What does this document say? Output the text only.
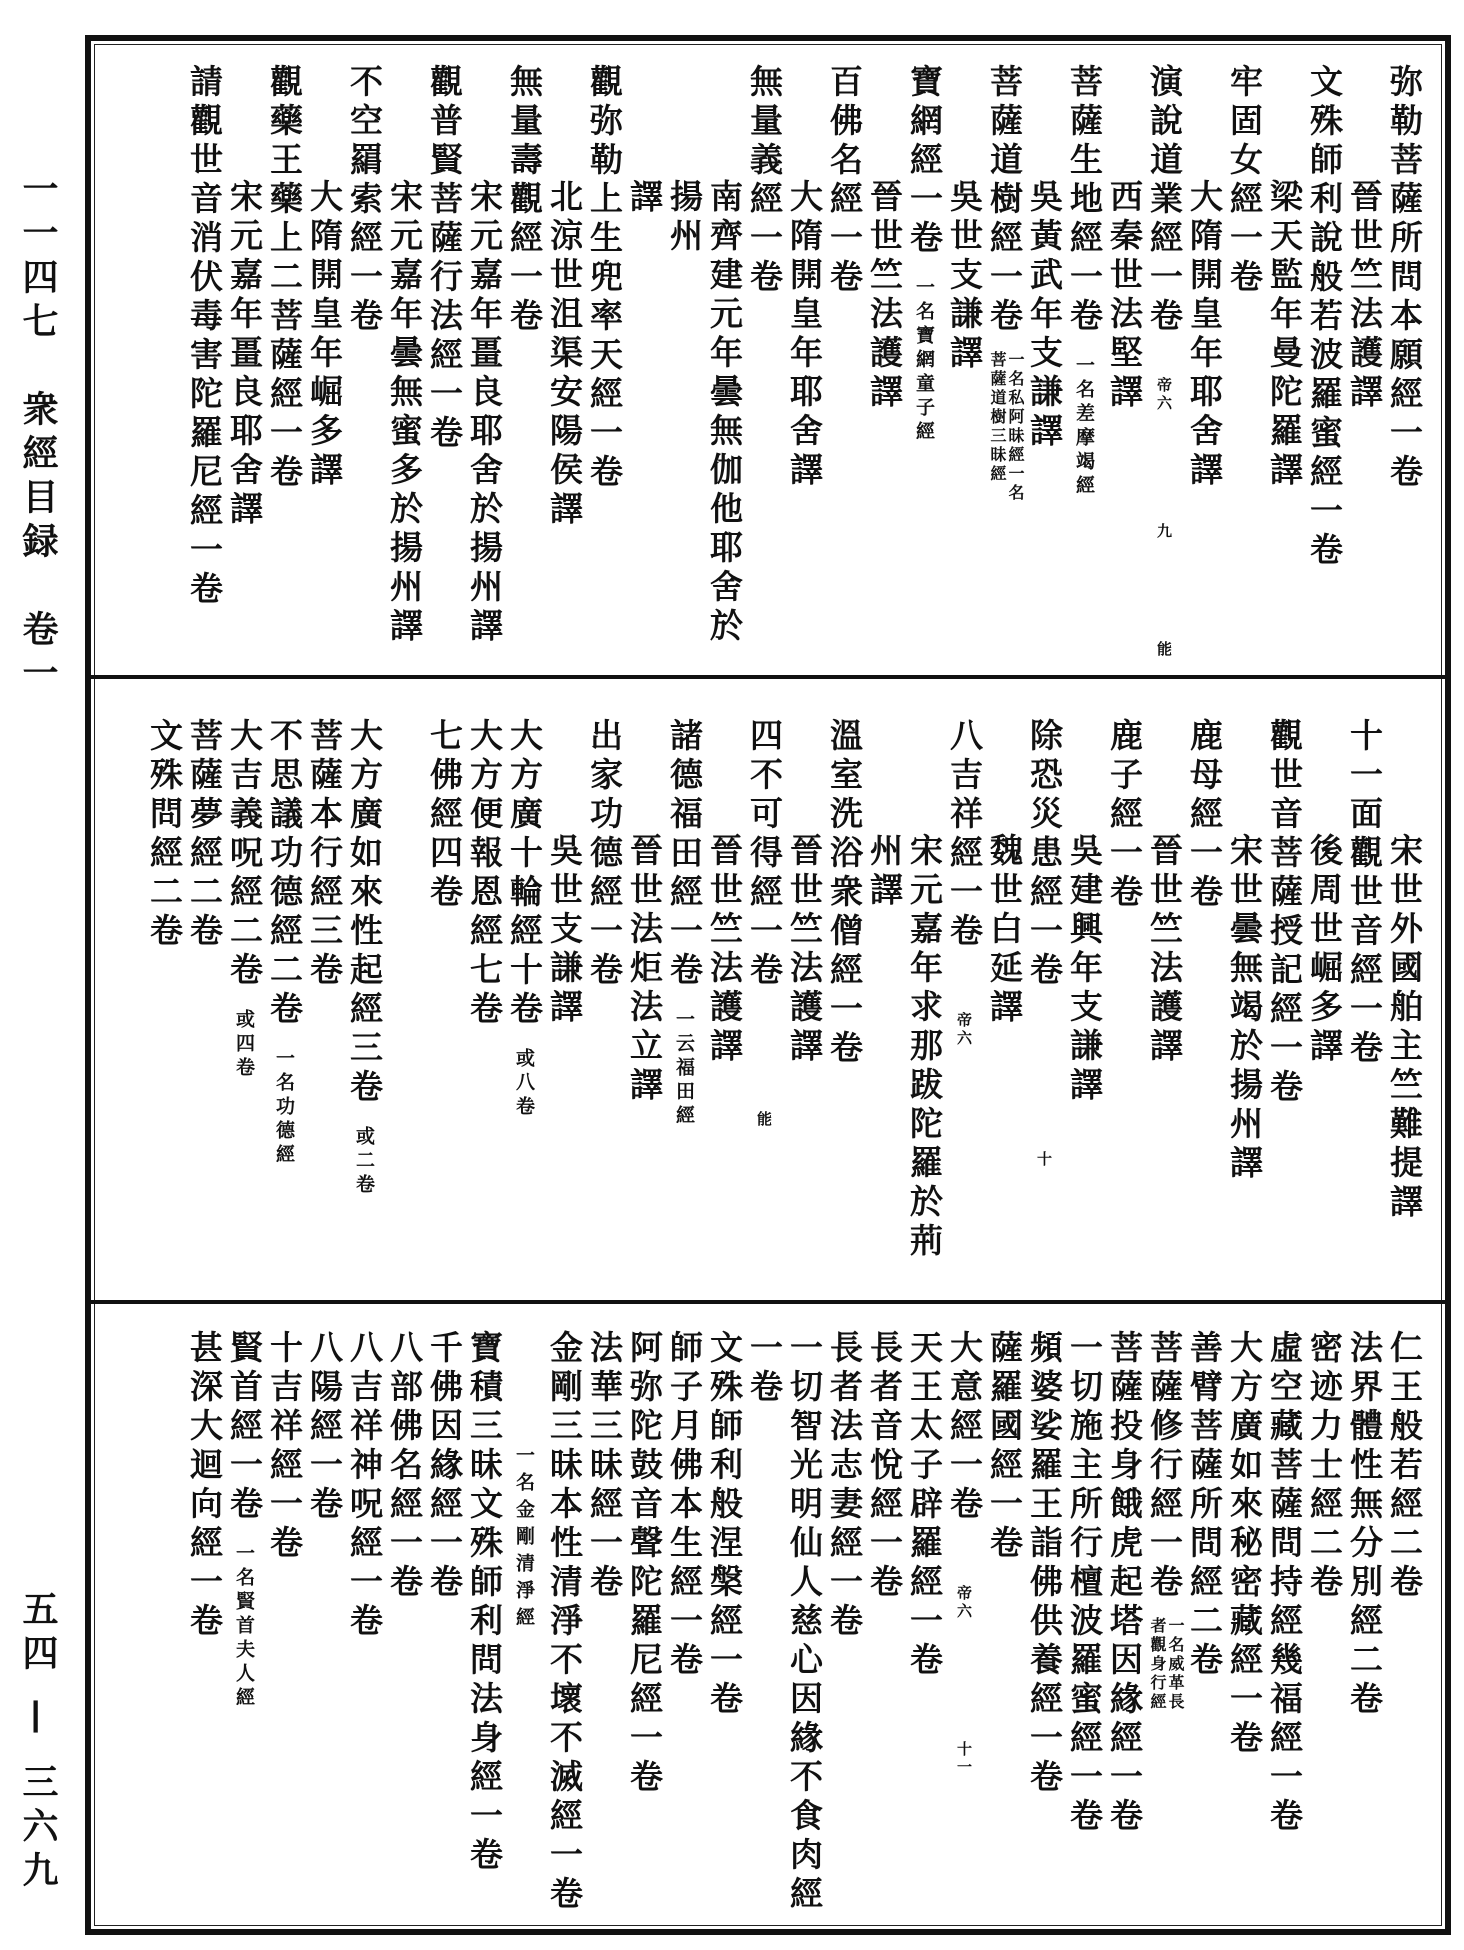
一一四七　衆經目録　卷一
五四 — 三六九
弥勒菩薩所問本願經一卷
晉世竺法護譯
文殊師利說般若波羅蜜經一卷
梁天監年曼陀羅譯
牢固女經一卷
大隋開皇年耶舍譯
演說道業經一卷帝六九能
西秦世法堅譯
菩薩生地經一卷一名差摩竭經
吳黃武年支謙譯
菩薩道樹經一卷一名私阿昧經一名菩薩道樹三昧經
吳世支謙譯
寶網經一卷一名寶網童子經
晉世竺法護譯
百佛名經一卷
大隋開皇年耶舍譯
無量義經一卷
南齊建元年曇無伽他耶舍於揚州
譯
觀弥勒上生兜率天經一卷
北涼世沮渠安陽侯譯
無量壽觀經一卷
宋元嘉年畺良耶舍於揚州譯
觀普賢菩薩行法經一卷
宋元嘉年曇無蜜多於揚州譯
不空羂索經一卷
大隋開皇年崛多譯
觀藥王藥上二菩薩經一卷
宋元嘉年畺良耶舍譯
請觀世音消伏毒害陀羅尼經一卷
宋世外國舶主竺難提譯
十一面觀世音經一卷
後周世崛多譯
觀世音菩薩授記經一卷
宋世曇無竭於揚州譯
鹿母經一卷
晉世竺法護譯
鹿子經一卷
吳建興年支謙譯
除恐災患經一卷十
魏世白延譯
八吉祥經一卷帝六
宋元嘉年求那跋陀羅於荊州譯
溫室洗浴衆僧經一卷
晉世竺法護譯
四不可得經一卷能
晉世竺法護譯
諸德福田經一卷一云福田經
晉世法炬法立譯
出家功德經一卷
吳世支謙譯
大方廣十輪經十卷或八卷
大方便報恩經七卷
七佛經四卷
大方廣如來性起經三卷或二卷
菩薩本行經三卷
不思議功德經二卷一名功德經
大吉義呪經二卷或四卷
菩薩夢經二卷
文殊問經二卷
仁王般若經二卷
法界體性無分別經二卷
密迹力士經二卷
虛空藏菩薩問持經幾福經一卷
大方廣如來秘密藏經一卷
善臂菩薩所問經二卷
菩薩修行經一卷一名威革長者觀身行經
菩薩投身餓虎起塔因緣經一卷
一切施主所行檀波羅蜜經一卷
頻婆娑羅王詣佛供養經一卷
薩羅國經一卷
大意經一卷帝六十一
天王太子辟羅經一卷
長者音悅經一卷
長者法志妻經一卷
一切智光明仙人慈心因緣不食肉經一卷
文殊師利般涅槃經一卷
師子月佛本生經一卷
阿弥陀鼓音聲陀羅尼經一卷
法華三昧經一卷
金剛三昧本性清淨不壞不滅經一卷
一名金剛清淨經
寶積三昧文殊師利問法身經一卷
千佛因緣經一卷
八部佛名經一卷
八吉祥神呪經一卷
八陽經一卷
十吉祥經一卷
賢首經一卷一名賢首夫人經
甚深大迴向經一卷
